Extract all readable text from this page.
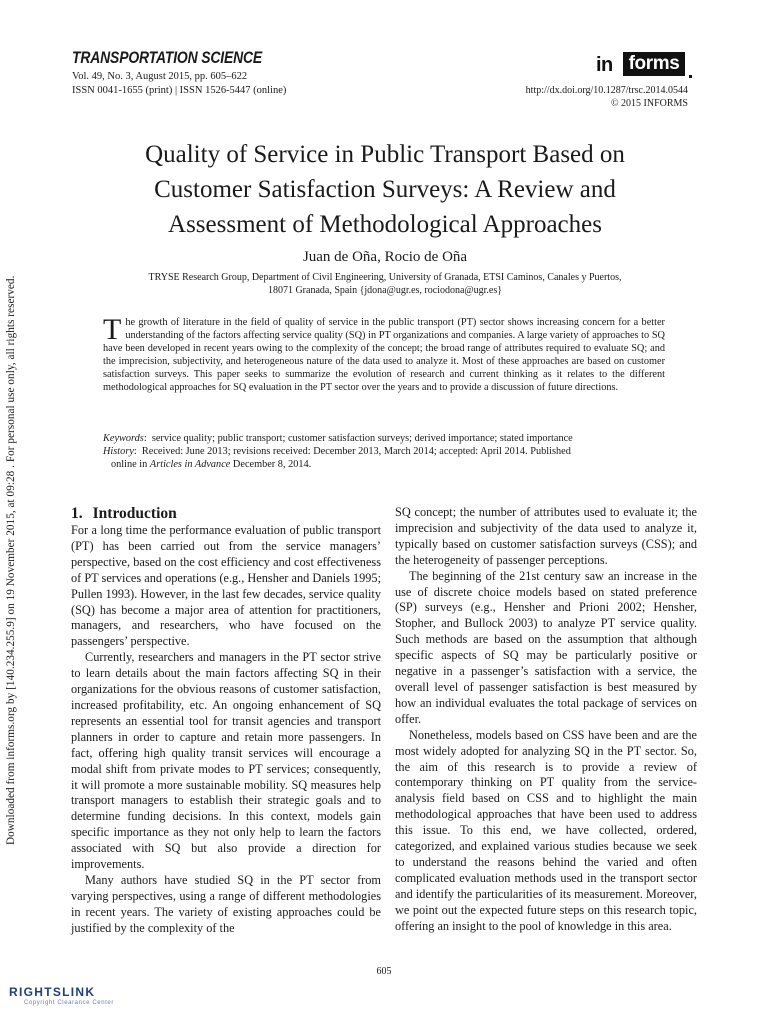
Downloaded from informs.org by [140.234.255.9] on 19 November 2015, at 09:28 . For personal use only, all rights reserved.
TRANSPORTATION SCIENCE
Vol. 49, No. 3, August 2015, pp. 605–622
ISSN 0041-1655 (print) | ISSN 1526-5447 (online)
in forms
http://dx.doi.org/10.1287/trsc.2014.0544
© 2015 INFORMS
Quality of Service in Public Transport Based on
Customer Satisfaction Surveys: A Review and
Assessment of Methodological Approaches
Juan de Oña, Rocio de Oña
TRYSE Research Group, Department of Civil Engineering, University of Granada, ETSI Caminos, Canales y Puertos,
18071 Granada, Spain {jdona@ugr.es, rociodona@ugr.es}
The growth of literature in the field of quality of service in the public transport (PT) sector shows increasing concern for a better understanding of the factors affecting service quality (SQ) in PT organizations and companies. A large variety of approaches to SQ have been developed in recent years owing to the complexity of the concept; the broad range of attributes required to evaluate SQ; and the imprecision, subjectivity, and heterogeneous nature of the data used to analyze it. Most of these approaches are based on customer satisfaction surveys. This paper seeks to summarize the evolution of research and current thinking as it relates to the different methodological approaches for SQ evaluation in the PT sector over the years and to provide a discussion of future directions.
Keywords:  service quality; public transport; customer satisfaction surveys; derived importance; stated importance
History:  Received: June 2013; revisions received: December 2013, March 2014; accepted: April 2014. Published
online in Articles in Advance December 8, 2014.
1. Introduction

For a long time the performance evaluation of public transport (PT) has been carried out from the service managers’ perspective, based on the cost efficiency and cost effectiveness of PT services and operations (e.g., Hensher and Daniels 1995; Pullen 1993). However, in the last few decades, service quality (SQ) has become a major area of attention for practitioners, managers, and researchers, who have focused on the passengers’ perspective.

Currently, researchers and managers in the PT sector strive to learn details about the main factors affecting SQ in their organizations for the obvious reasons of customer satisfaction, increased profitability, etc. An ongoing enhancement of SQ represents an essential tool for transit agencies and transport planners in order to capture and retain more passengers. In fact, offering high quality transit services will encourage a modal shift from private modes to PT services; consequently, it will promote a more sustainable mobility. SQ measures help transport managers to establish their strategic goals and to determine funding decisions. In this context, models gain specific importance as they not only help to learn the factors associated with SQ but also provide a direction for improvements.

Many authors have studied SQ in the PT sector from varying perspectives, using a range of different methodologies in recent years. The variety of existing approaches could be justified by the complexity of the

SQ concept; the number of attributes used to evaluate it; the imprecision and subjectivity of the data used to analyze it, typically based on customer satisfaction surveys (CSS); and the heterogeneity of passenger perceptions.

The beginning of the 21st century saw an increase in the use of discrete choice models based on stated preference (SP) surveys (e.g., Hensher and Prioni 2002; Hensher, Stopher, and Bullock 2003) to analyze PT service quality. Such methods are based on the assumption that although specific aspects of SQ may be particularly positive or negative in a passenger’s satisfaction with a service, the overall level of passenger satisfaction is best measured by how an individual evaluates the total package of services on offer.

Nonetheless, models based on CSS have been and are the most widely adopted for analyzing SQ in the PT sector. So, the aim of this research is to provide a review of contemporary thinking on PT quality from the service-analysis field based on CSS and to highlight the main methodological approaches that have been used to address this issue. To this end, we have collected, ordered, categorized, and explained various studies because we seek to understand the reasons behind the varied and often complicated evaluation methods used in the transport sector and identify the particularities of its measurement. Moreover, we point out the expected future steps on this research topic, offering an insight to the pool of knowledge in this area.

605
RIGHTSLINK
Copyright Clearance Center
